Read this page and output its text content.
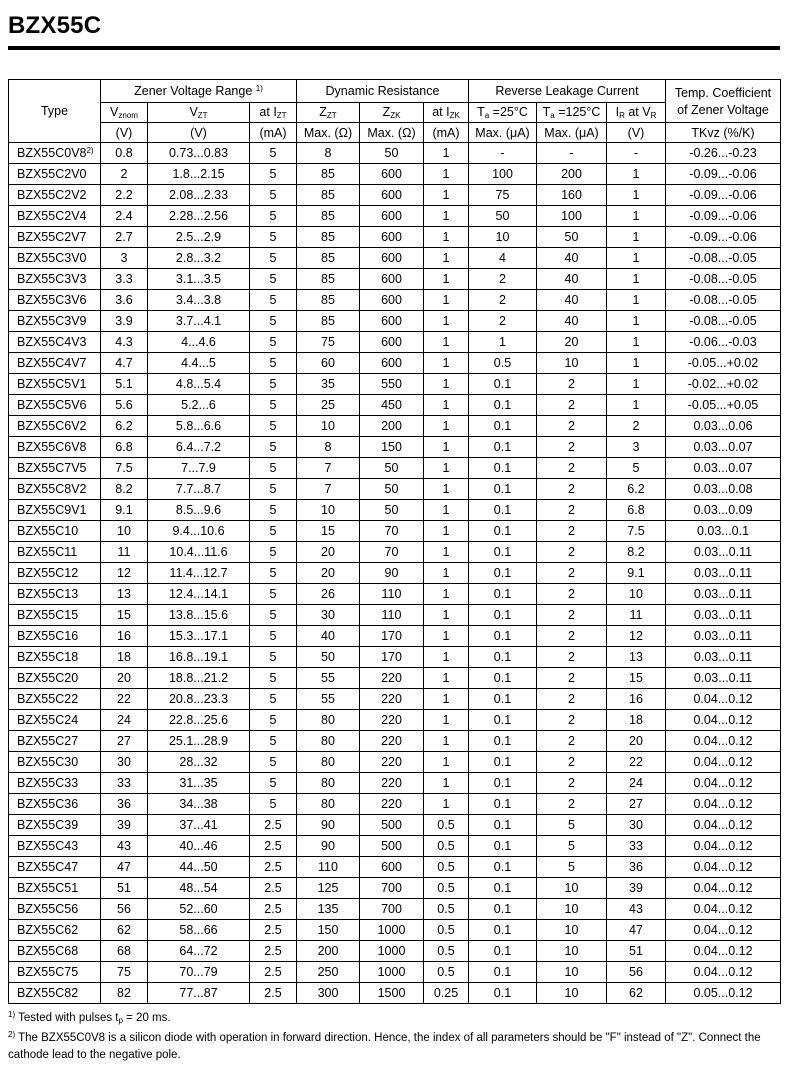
BZX55C
Type	Zener Voltage Range $^{1)}$			Dynamic Resistance			Reverse Leakage Current			Temp. Coefficient
of Zener Voltage

	$V_{znom}$	$V_{ZT}$	at $I_{ZT}$	$Z_{ZT}$	$Z_{ZK}$	at $I_{ZK}$	$T_a =25^\circ C$	$T_a =125^\circ C$	$I_R$ at $V_R$
	(V)	(V)	(mA)	Max. (Ω)	Max. (Ω)	(mA)	Max. (μA)	Max. (μA)	(V)	TKvz (%/K)
BZX55C0V8$^{2)}$	0.8	0.73...0.83	5	8	50	1	-	-	-	-0.26...-0.23
BZX55C2V0	2	1.8...2.15	5	85	600	1	100	200	1	-0.09...-0.06
BZX55C2V2	2.2	2.08...2.33	5	85	600	1	75	160	1	-0.09...-0.06
BZX55C2V4	2.4	2.28...2.56	5	85	600	1	50	100	1	-0.09...-0.06
BZX55C2V7	2.7	2.5...2.9	5	85	600	1	10	50	1	-0.09...-0.06
BZX55C3V0	3	2.8...3.2	5	85	600	1	4	40	1	-0.08...-0.05
BZX55C3V3	3.3	3.1...3.5	5	85	600	1	2	40	1	-0.08...-0.05
BZX55C3V6	3.6	3.4...3.8	5	85	600	1	2	40	1	-0.08...-0.05
BZX55C3V9	3.9	3.7...4.1	5	85	600	1	2	40	1	-0.08...-0.05
BZX55C4V3	4.3	4...4.6	5	75	600	1	1	20	1	-0.06...-0.03
BZX55C4V7	4.7	4.4...5	5	60	600	1	0.5	10	1	-0.05...+0.02
BZX55C5V1	5.1	4.8...5.4	5	35	550	1	0.1	2	1	-0.02...+0.02
BZX55C5V6	5.6	5.2...6	5	25	450	1	0.1	2	1	-0.05...+0.05
BZX55C6V2	6.2	5.8...6.6	5	10	200	1	0.1	2	2	0.03...0.06
BZX55C6V8	6.8	6.4...7.2	5	8	150	1	0.1	2	3	0.03...0.07
BZX55C7V5	7.5	7...7.9	5	7	50	1	0.1	2	5	0.03...0.07
BZX55C8V2	8.2	7.7...8.7	5	7	50	1	0.1	2	6.2	0.03...0.08
BZX55C9V1	9.1	8.5...9.6	5	10	50	1	0.1	2	6.8	0.03...0.09
BZX55C10	10	9.4...10.6	5	15	70	1	0.1	2	7.5	0.03...0.1
BZX55C11	11	10.4...11.6	5	20	70	1	0.1	2	8.2	0.03...0.11
BZX55C12	12	11.4...12.7	5	20	90	1	0.1	2	9.1	0.03...0.11
BZX55C13	13	12.4...14.1	5	26	110	1	0.1	2	10	0.03...0.11
BZX55C15	15	13.8...15.6	5	30	110	1	0.1	2	11	0.03...0.11
BZX55C16	16	15.3...17.1	5	40	170	1	0.1	2	12	0.03...0.11
BZX55C18	18	16.8...19.1	5	50	170	1	0.1	2	13	0.03...0.11
BZX55C20	20	18.8...21.2	5	55	220	1	0.1	2	15	0.03...0.11
BZX55C22	22	20.8...23.3	5	55	220	1	0.1	2	16	0.04...0.12
BZX55C24	24	22.8...25.6	5	80	220	1	0.1	2	18	0.04...0.12
BZX55C27	27	25.1...28.9	5	80	220	1	0.1	2	20	0.04...0.12
BZX55C30	30	28...32	5	80	220	1	0.1	2	22	0.04...0.12
BZX55C33	33	31...35	5	80	220	1	0.1	2	24	0.04...0.12
BZX55C36	36	34...38	5	80	220	1	0.1	2	27	0.04...0.12
BZX55C39	39	37...41	2.5	90	500	0.5	0.1	5	30	0.04...0.12
BZX55C43	43	40...46	2.5	90	500	0.5	0.1	5	33	0.04...0.12
BZX55C47	47	44...50	2.5	110	600	0.5	0.1	5	36	0.04...0.12
BZX55C51	51	48...54	2.5	125	700	0.5	0.1	10	39	0.04...0.12
BZX55C56	56	52...60	2.5	135	700	0.5	0.1	10	43	0.04...0.12
BZX55C62	62	58...66	2.5	150	1000	0.5	0.1	10	47	0.04...0.12
BZX55C68	68	64...72	2.5	200	1000	0.5	0.1	10	51	0.04...0.12
BZX55C75	75	70...79	2.5	250	1000	0.5	0.1	10	56	0.04...0.12
BZX55C82	82	77...87	2.5	300	1500	0.25	0.1	10	62	0.05...0.12
$^{1)}$ Tested with pulses $t_p = 20$ ms.
$^{2)}$ The BZX55C0V8 is a silicon diode with operation in forward direction. Hence, the index of all parameters should be "F" instead of "Z". Connect the cathode lead to the negative pole.
